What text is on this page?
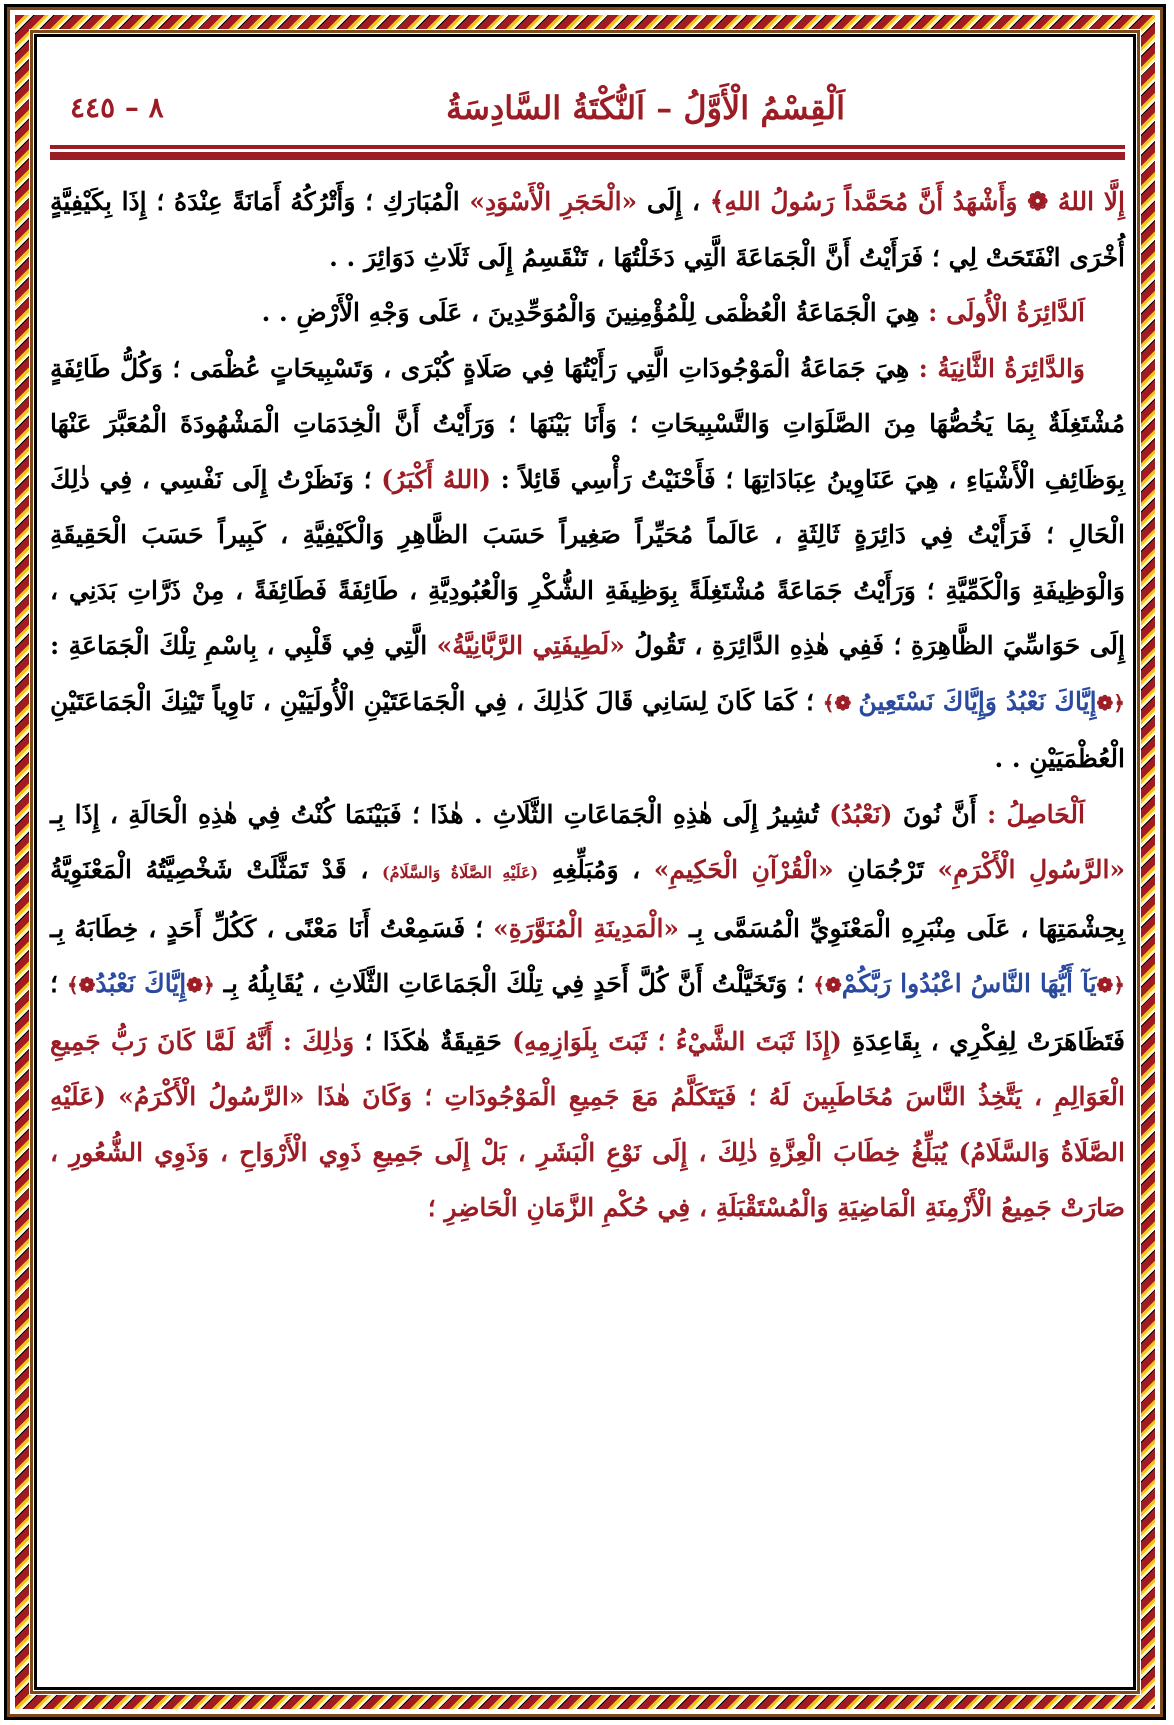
اَلْقِسْمُ الْأَوَّلُ – اَلنُّكْتَةُ السَّادِسَةُ
٨ – ٤٤٥

إِلَّا اللهُ ❁ وَأَشْهَدُ أَنَّ مُحَمَّداً رَسُولُ اللهِ﴾ ، إِلَى «الْحَجَرِ الْأَسْوَدِ» الْمُبَارَكِ ؛ وَأَتْرُكُهُ أَمَانَةً عِنْدَهُ ؛ إِذَا بِكَيْفِيَّةٍ أُخْرَى انْفَتَحَتْ لِي ؛ فَرَأَيْتُ أَنَّ الْجَمَاعَةَ الَّتِي دَخَلْتُهَا ، تَنْقَسِمُ إِلَى ثَلَاثِ دَوَائِرَ . .

اَلدَّائِرَةُ الْأُولَى : هِيَ الْجَمَاعَةُ الْعُظْمَى لِلْمُؤْمِنِينَ وَالْمُوَحِّدِينَ ، عَلَى وَجْهِ الْأَرْضِ . .

وَالدَّائِرَةُ الثَّانِيَةُ : هِيَ جَمَاعَةُ الْمَوْجُودَاتِ الَّتِي رَأَيْتُهَا فِي صَلَاةٍ كُبْرَى ، وَتَسْبِيحَاتٍ عُظْمَى ؛ وَكُلُّ طَائِفَةٍ مُشْتَغِلَةٌ بِمَا يَخُصُّهَا مِنَ الصَّلَوَاتِ وَالتَّسْبِيحَاتِ ؛ وَأَنَا بَيْنَهَا ؛ وَرَأَيْتُ أَنَّ الْخِدَمَاتِ الْمَشْهُودَةَ الْمُعَبَّرَ عَنْهَا بِوَظَائِفِ الْأَشْيَاءِ ، هِيَ عَنَاوِينُ عِبَادَاتِهَا ؛ فَأَحْنَيْتُ رَأْسِي قَائِلاً : (اللهُ أَكْبَرُ) ؛ وَنَظَرْتُ إِلَى نَفْسِي ، فِي ذٰلِكَ الْحَالِ ؛ فَرَأَيْتُ فِي دَائِرَةٍ ثَالِثَةٍ ، عَالَماً مُحَيِّراً صَغِيراً حَسَبَ الظَّاهِرِ وَالْكَيْفِيَّةِ ، كَبِيراً حَسَبَ الْحَقِيقَةِ وَالْوَظِيفَةِ وَالْكَمِّيَّةِ ؛ وَرَأَيْتُ جَمَاعَةً مُشْتَغِلَةً بِوَظِيفَةِ الشُّكْرِ وَالْعُبُودِيَّةِ ، طَائِفَةً فَطَائِفَةً ، مِنْ ذَرَّاتِ بَدَنِي ، إِلَى حَوَاسِّيَ الظَّاهِرَةِ ؛ فَفِي هٰذِهِ الدَّائِرَةِ ، تَقُولُ «لَطِيفَتِي الرَّبَّانِيَّةُ» الَّتِي فِي قَلْبِي ، بِاسْمِ تِلْكَ الْجَمَاعَةِ : ﴿❁إِيَّاكَ نَعْبُدُ وَإِيَّاكَ نَسْتَعِينُ ❁﴾ ؛ كَمَا كَانَ لِسَانِي قَالَ كَذٰلِكَ ، فِي الْجَمَاعَتَيْنِ الْأُولَيَيْنِ ، نَاوِياً تَيْنِكَ الْجَمَاعَتَيْنِ الْعُظْمَيَيْنِ . .

اَلْحَاصِلُ : أَنَّ نُونَ (نَعْبُدُ) تُشِيرُ إِلَى هٰذِهِ الْجَمَاعَاتِ الثَّلَاثِ . هٰذَا ؛ فَبَيْنَمَا كُنْتُ فِي هٰذِهِ الْحَالَةِ ، إِذَا بِـ «الرَّسُولِ الْأَكْرَمِ» تَرْجُمَانِ «الْقُرْآنِ الْحَكِيمِ» ، وَمُبَلِّغِهِ (عَلَيْهِ الصَّلَاةُ وَالسَّلَامُ) ، قَدْ تَمَثَّلَتْ شَخْصِيَّتُهُ الْمَعْنَوِيَّةُ بِحِشْمَتِهَا ، عَلَى مِنْبَرِهِ الْمَعْنَوِيِّ الْمُسَمَّى بِـ «الْمَدِينَةِ الْمُنَوَّرَةِ» ؛ فَسَمِعْتُ أَنَا مَعْنًى ، كَكُلِّ أَحَدٍ ، خِطَابَهُ بِـ ﴿❁يَآ أَيُّهَا النَّاسُ اعْبُدُوا رَبَّكُمْ❁﴾ ؛ وَتَخَيَّلْتُ أَنَّ كُلَّ أَحَدٍ فِي تِلْكَ الْجَمَاعَاتِ الثَّلَاثِ ، يُقَابِلُهُ بِـ ﴿❁إِيَّاكَ نَعْبُدُ❁﴾ ؛ فَتَظَاهَرَتْ لِفِكْرِي ، بِقَاعِدَةِ (إِذَا ثَبَتَ الشَّيْءُ ؛ ثَبَتَ بِلَوَازِمِهِ) حَقِيقَةٌ هٰكَذَا ؛ وَذٰلِكَ : أَنَّهُ لَمَّا كَانَ رَبُّ جَمِيعِ الْعَوَالِمِ ، يَتَّخِذُ النَّاسَ مُخَاطَبِينَ لَهُ ؛ فَيَتَكَلَّمُ مَعَ جَمِيعِ الْمَوْجُودَاتِ ؛ وَكَانَ هٰذَا «الرَّسُولُ الْأَكْرَمُ» (عَلَيْهِ الصَّلَاةُ وَالسَّلَامُ) يُبَلِّغُ خِطَابَ الْعِزَّةِ ذٰلِكَ ، إِلَى نَوْعِ الْبَشَرِ ، بَلْ إِلَى جَمِيعِ ذَوِي الْأَرْوَاحِ ، وَذَوِي الشُّعُورِ ، صَارَتْ جَمِيعُ الْأَزْمِنَةِ الْمَاضِيَةِ وَالْمُسْتَقْبَلَةِ ، فِي حُكْمِ الزَّمَانِ الْحَاضِرِ ؛
